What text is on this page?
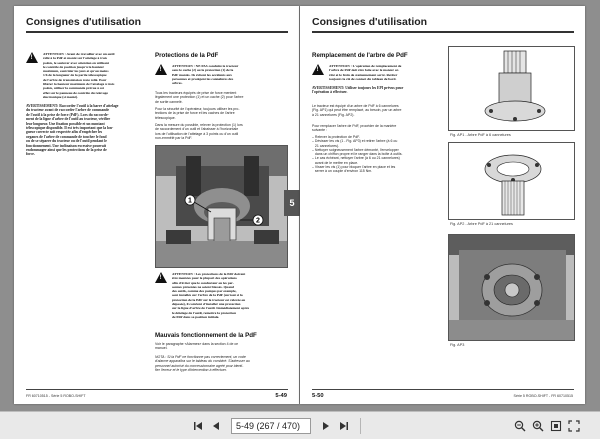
Consignes d'utilisation
!
ATTENTION : Avant de travailler avec un outil
relié à la PdF et monté sur l'attelage à trois
points, le soulever avec attention en utilisant
le contrôle de position jusqu'à la hauteur
maximum, contrôler les jeux et qu'au moins
1/6 de la longueur de la partie télescopique
de l'arbre de transmission reste relié. Pour
libérer la hauteur maximum de l'attelage à trois
points, utiliser la commande prévue à cet
effet sur le panneau de contrôle du relevage
électronique (si monté).
AVERTISSEMENT: Raccorder l'outil à la barre d'attelage
du tracteur avant de raccorder l'arbre de commande
de l'outil à la prise de force (PdF). Lors du raccorde-
ment de la ligne d'arbre de l'outil au tracteur, vérifier
leur longueur. Une fixation possible et un montant
télescopique disponible. Il est très important que la lon-
gueur correcte soit respectée afin d'empêcher les
organes de l'arbre de commande de toucher le fond
ou de se séparer du tracteur ou de l'outil pendant le
fonctionnement. Une inclinaison excessive pourrait
endommager ainsi que les protections de la prise de
force.
Protections de la PdF
!
ATTENTION : NE PAS conduire le tracteur
sans le cache (2) ou la protection (1) de la
PdF montés. Ils évitent les accidents aux
personnes et protègent les cannelures des
arbres.
Tous les tracteurs équipés de prise de force mentent
légalement une protection (1) et un cache (2) pour l'arbre
de sortie cannelé.
Pour la sécurité de l'opérateur, toujours utiliser les pro-
tections de la prise de force et les caches de l'arbre
télescopique.
Dans la mesure du possible, relever la protection (1) lors
de raccordement d'un outil et l'abaisser à l'horizontale
lors de l'utilisation de l'attelage à 3 points ou d'un outil
non-emmêlé par la PdF.
1
2
!
ATTENTION : Les protections de la PdF doivent
être montées pour le plupart des opérations
afin d'éviter que le conducteur ou les per-
sonnes présentes ne soient blessés. Quand
des outils, comme des pompes par exemple,
sont installés sur l'arbre de la PdF (surtout si la
protection de la PdF sur le tracteur est relevée ou
déposée), il convient d'installer une protection
sur la ligne d'arbre de l'outil. Immédiatement après
le dételage de l'outil, remettre la protection
de PdF dans sa position initiale.
Mauvais fonctionnement de la PdF
Voir le paragraphe «Alarmes» dans la section 4 de ce
manuel.
NOTA : Si la PdF ne fonctionne pas correctement, un code
d'alarme apparaîtra sur le tableau du combiné. S'adresser au
personnel autorisé du concessionnaire agréé pour identi-
fier l'erreur et le type d'intervention à effectuer.
FR 60710515 - Série 5 ROBO-SHIFT	5-49
5
Consignes d'utilisation
Remplacement de l'arbre de PdF
!
ATTENTION : L'opération de remplacement de
l'arbre de PdF doit être faite avec le moteur ar-
rêté et le frein de stationnement serré. Retirer
toujours la clé de contact du tableau de bord.
AVERTISSEMENT: Utiliser toujours les EPI prévus pour
l'opération à effectuer.
Le tracteur est équipé d'un arbre de PdF à 6 cannelures
(Fig. AP1) qui peut être remplacé, au besoin, par un arbre
à 21 cannelures (Fig. AP2).
Pour remplacer l'arbre de PdF, procéder de la manière
suivante :
– Relever la protection de PdF.
– Dévisser les vis (1 - Fig. AP3) et retirer l'arbre (à 6 ou
21 cannelures).
– Nettoyer soigneusement l'arbre démonté, l'envelopper
dans un chiffon propre et le ranger dans la boîte à outils.
– Le cas échéant, nettoyer l'arbre (à 6 ou 21 cannelures)
avant de le mettre en place.
– Visser les vis (1) pour bloquer l'arbre en place et les
serrer à un couple d'environ 115 Nm.
Fig. AP1 - Arbre PdF à 6 cannelures
Fig. AP2 - Arbre PdF à 21 cannelures
Fig. AP3
5-50	Série 5 ROBO-SHIFT - FR 60710515
5-49 (267 / 470)
